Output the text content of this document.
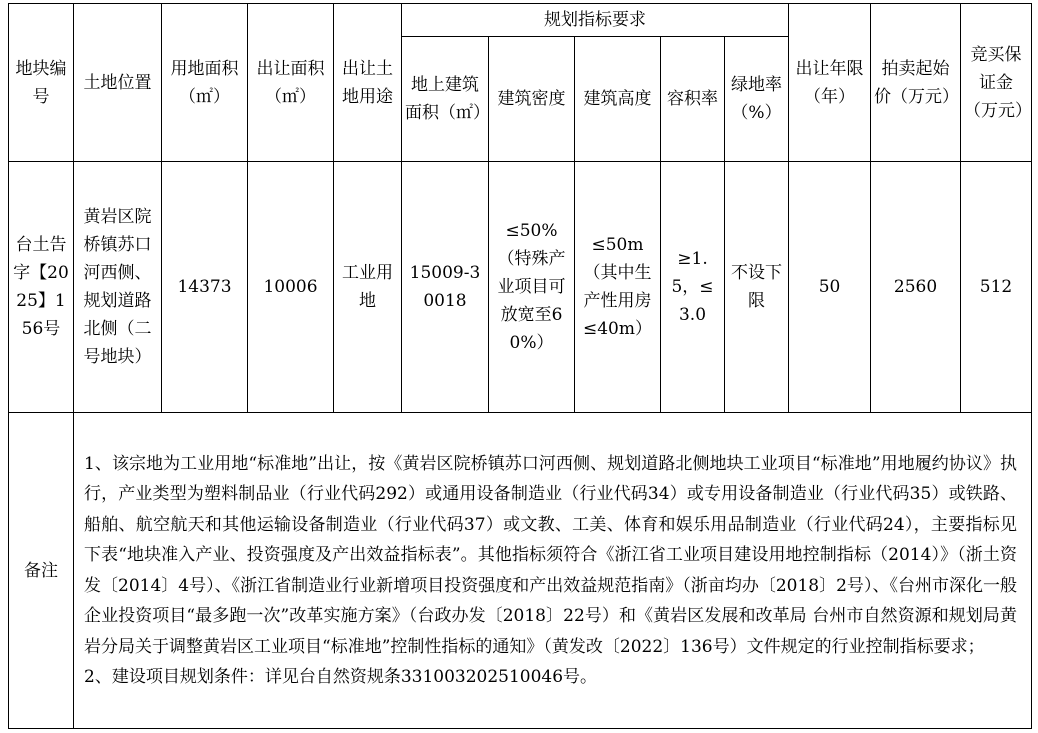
地块编号	土地位置	用地面积（㎡）	出让面积（㎡）	出让土地用途	规划指标要求					出让年限（年）	拍卖起始价（万元）	竞买保证金（万元）
					地上建筑面积（㎡）	建筑密度	建筑高度	容积率	绿地率（%）			
台土告字【2025】156号	黄岩区院桥镇苏口河西侧、规划道路北侧（二号地块）	14373	10006	工业用地	15009-30018	≤50%（特殊产业项目可放宽至60%）	≤50m（其中生产性用房≤40m）	≥1.5，≤3.0	不设下限	50	2560	512
备注	1、该宗地为工业用地“标准地”出让，按《黄岩区院桥镇苏口河西侧、规划道路北侧地块工业项目“标准地”用地履约协议》执行，产业类型为塑料制品业（行业代码292）或通用设备制造业（行业代码34）或专用设备制造业（行业代码35）或铁路、船舶、航空航天和其他运输设备制造业（行业代码37）或文教、工美、体育和娱乐用品制造业（行业代码24），主要指标见下表“地块准入产业、投资强度及产出效益指标表”。其他指标须符合《浙江省工业项目建设用地控制指标（2014）》（浙土资发〔2014〕4号）、《浙江省制造业行业新增项目投资强度和产出效益规范指南》（浙亩均办〔2018〕2号）、《台州市深化一般企业投资项目“最多跑一次”改革实施方案》（台政办发〔2018〕22号）和《黄岩区发展和改革局 台州市自然资源和规划局黄岩分局关于调整黄岩区工业项目“标准地”控制性指标的通知》（黄发改〔2022〕136号）文件规定的行业控制指标要求；
2、建设项目规划条件：详见台自然资规条331003202510046号。											
